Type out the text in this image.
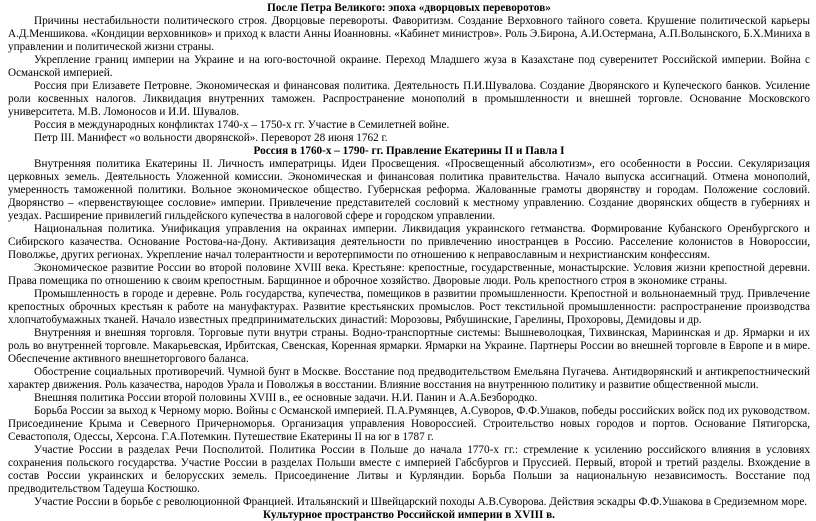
После Петра Великого: эпоха «дворцовых переворотов»

Причины нестабильности политического строя. Дворцовые перевороты. Фаворитизм. Создание Верховного тайного совета. Крушение политической карьеры А.Д.Меншикова. «Кондиции верховников» и приход к власти Анны Иоанновны. «Кабинет министров». Роль Э.Бирона, А.И.Остермана, А.П.Волынского, Б.Х.Миниха в управлении и политической жизни страны.

Укрепление границ империи на Украине и на юго-восточной окраине. Переход Младшего жуза в Казахстане под суверенитет Российской империи. Война с Османской империей.

Россия при Елизавете Петровне. Экономическая и финансовая политика. Деятельность П.И.Шувалова. Создание Дворянского и Купеческого банков. Усиление роли косвенных налогов. Ликвидация внутренних таможен. Распространение монополий в промышленности и внешней торговле. Основание Московского университета. М.В. Ломоносов и И.И. Шувалов.

Россия в международных конфликтах 1740-х – 1750-х гг. Участие в Семилетней войне.

Петр III. Манифест «о вольности дворянской». Переворот 28 июня 1762 г.

Россия в 1760-х – 1790- гг. Правление Екатерины II и Павла I

Внутренняя политика Екатерины II. Личность императрицы. Идеи Просвещения. «Просвещенный абсолютизм», его особенности в России. Секуляризация церковных земель. Деятельность Уложенной комиссии. Экономическая и финансовая политика правительства. Начало выпуска ассигнаций. Отмена монополий, умеренность таможенной политики. Вольное экономическое общество. Губернская реформа. Жалованные грамоты дворянству и городам. Положение сословий. Дворянство – «первенствующее сословие» империи. Привлечение представителей сословий к местному управлению. Создание дворянских обществ в губерниях и уездах. Расширение привилегий гильдейского купечества в налоговой сфере и городском управлении.

Национальная политика. Унификация управления на окраинах империи. Ликвидация украинского гетманства. Формирование Кубанского Оренбургского и Сибирского казачества. Основание Ростова-на-Дону. Активизация деятельности по привлечению иностранцев в Россию. Расселение колонистов в Новороссии, Поволжье, других регионах. Укрепление начал толерантности и веротерпимости по отношению к неправославным и нехристианским конфессиям.

Экономическое развитие России во второй половине XVIII века. Крестьяне: крепостные, государственные, монастырские. Условия жизни крепостной деревни. Права помещика по отношению к своим крепостным. Барщинное и оброчное хозяйство. Дворовые люди. Роль крепостного строя в экономике страны.

Промышленность в городе и деревне. Роль государства, купечества, помещиков в развитии промышленности. Крепостной и вольнонаемный труд. Привлечение крепостных оброчных крестьян к работе на мануфактурах. Развитие крестьянских промыслов. Рост текстильной промышленности: распространение производства хлопчатобумажных тканей. Начало известных предпринимательских династий: Морозовы, Рябушинские, Гарелины, Прохоровы, Демидовы и др.

Внутренняя и внешняя торговля. Торговые пути внутри страны. Водно-транспортные системы: Вышневолоцкая, Тихвинская, Мариинская и др. Ярмарки и их роль во внутренней торговле. Макарьевская, Ирбитская, Свенская, Коренная ярмарки. Ярмарки на Украине. Партнеры России во внешней торговле в Европе и в мире. Обеспечение активного внешнеторгового баланса.

Обострение социальных противоречий. Чумной бунт в Москве. Восстание под предводительством Емельяна Пугачева. Антидворянский и антикрепостнический характер движения. Роль казачества, народов Урала и Поволжья в восстании. Влияние восстания на внутреннюю политику и развитие общественной мысли.

Внешняя политика России второй половины XVIII в., ее основные задачи. Н.И. Панин и А.А.Безбородко.

Борьба России за выход к Черному морю. Войны с Османской империей. П.А.Румянцев, А.Суворов, Ф.Ф.Ушаков, победы российских войск под их руководством. Присоединение Крыма и Северного Причерноморья. Организация управления Новороссией. Строительство новых городов и портов. Основание Пятигорска, Севастополя, Одессы, Херсона. Г.А.Потемкин. Путешествие Екатерины II на юг в 1787 г.

Участие России в разделах Речи Посполитой. Политика России в Польше до начала 1770-х гг.: стремление к усилению российского влияния в условиях сохранения польского государства. Участие России в разделах Польши вместе с империей Габсбургов и Пруссией. Первый, второй и третий разделы. Вхождение в состав России украинских и белорусских земель. Присоединение Литвы и Курляндии. Борьба Польши за национальную независимость. Восстание под предводительством Тадеуша Костюшко.

Участие России в борьбе с революционной Францией. Итальянский и Швейцарский походы А.В.Суворова. Действия эскадры Ф.Ф.Ушакова в Средиземном море.

Культурное пространство Российской империи в XVIII в.
